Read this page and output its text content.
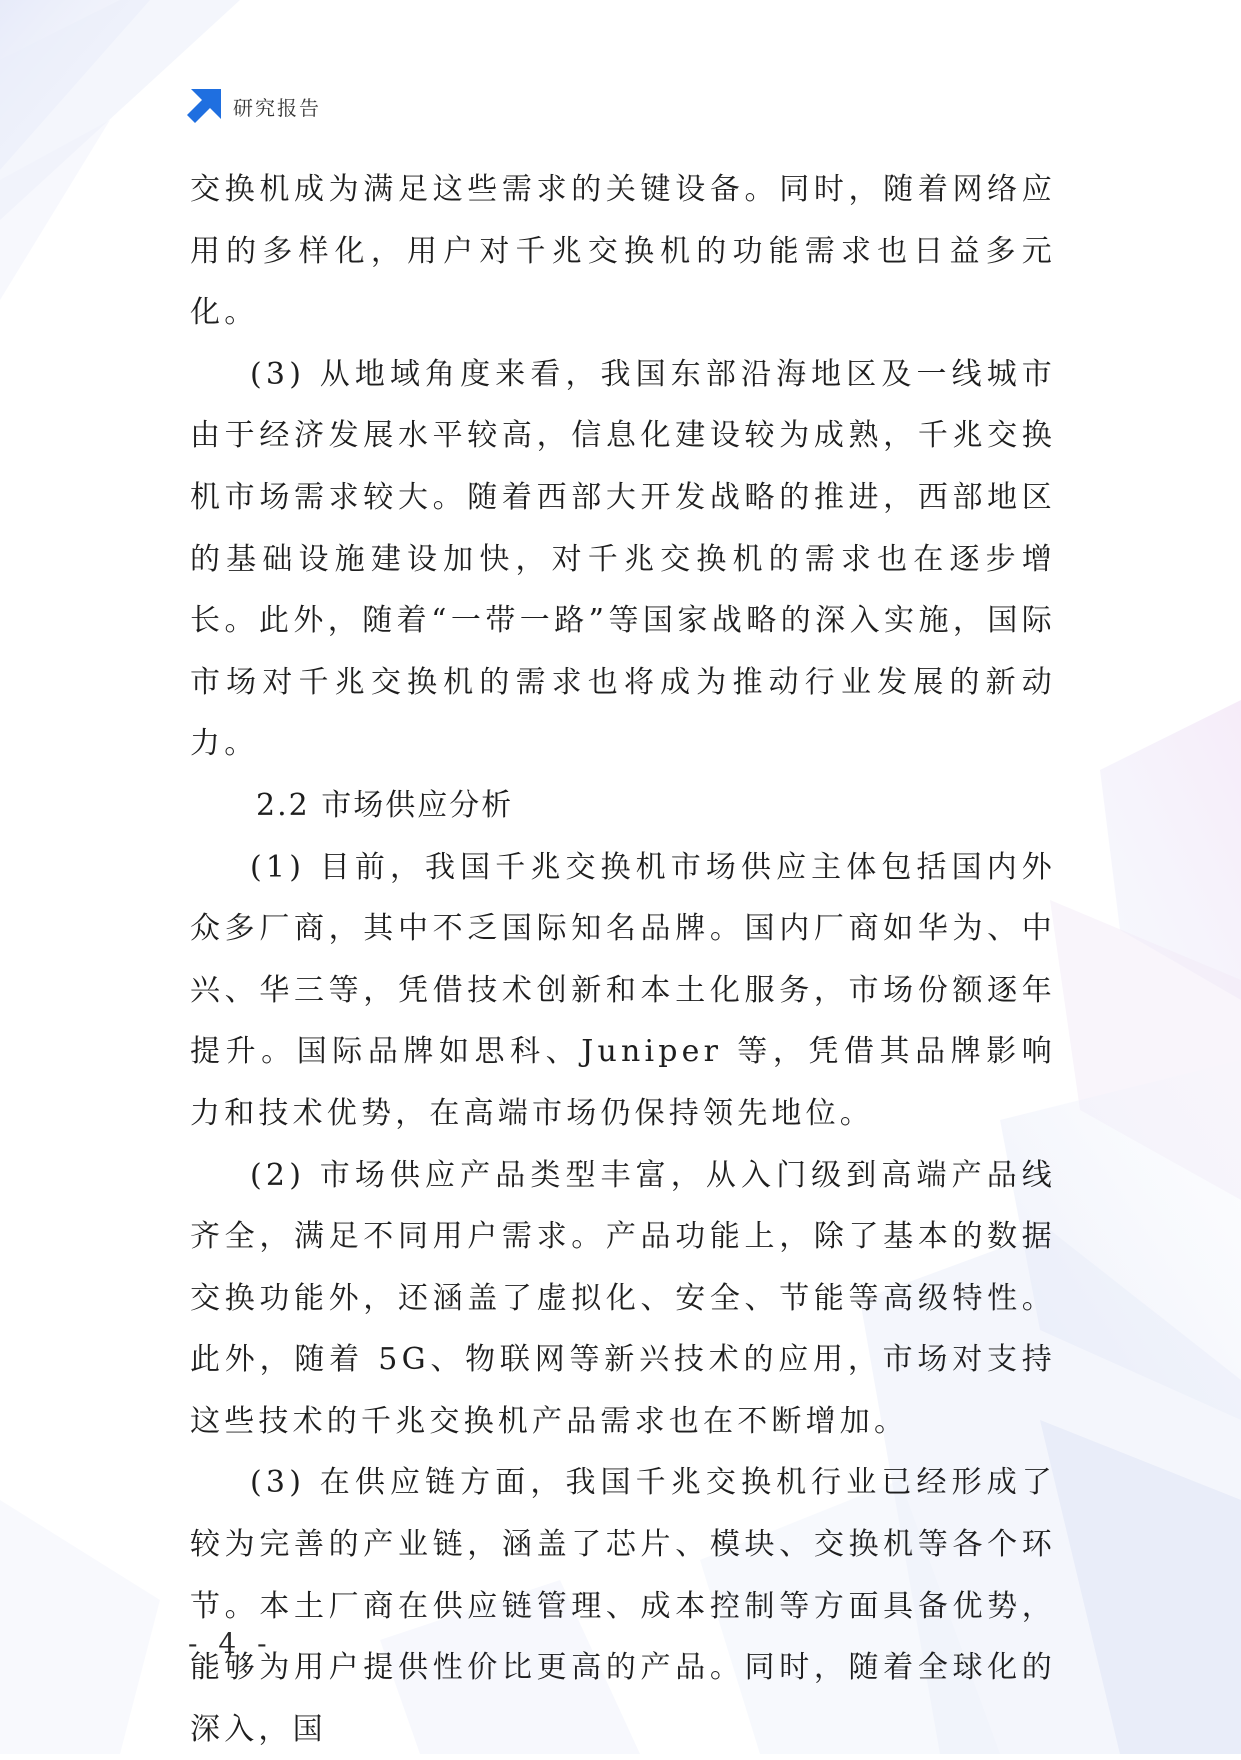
研究报告

交换机成为满足这些需求的关键设备。同时，随着网络应用的多样化，用户对千兆交换机的功能需求也日益多元化。

(3) 从地域角度来看，我国东部沿海地区及一线城市由于经济发展水平较高，信息化建设较为成熟，千兆交换机市场需求较大。随着西部大开发战略的推进，西部地区的基础设施建设加快，对千兆交换机的需求也在逐步增长。此外，随着“一带一路”等国家战略的深入实施，国际市场对千兆交换机的需求也将成为推动行业发展的新动力。

2.2 市场供应分析

(1) 目前，我国千兆交换机市场供应主体包括国内外众多厂商，其中不乏国际知名品牌。国内厂商如华为、中兴、华三等，凭借技术创新和本土化服务，市场份额逐年提升。国际品牌如思科、Juniper 等，凭借其品牌影响力和技术优势，在高端市场仍保持领先地位。

(2) 市场供应产品类型丰富，从入门级到高端产品线齐全，满足不同用户需求。产品功能上，除了基本的数据交换功能外，还涵盖了虚拟化、安全、节能等高级特性。此外，随着 5G、物联网等新兴技术的应用，市场对支持这些技术的千兆交换机产品需求也在不断增加。

(3) 在供应链方面，我国千兆交换机行业已经形成了较为完善的产业链，涵盖了芯片、模块、交换机等各个环节。本土厂商在供应链管理、成本控制等方面具备优势，能够为用户提供性价比更高的产品。同时，随着全球化的深入，国

- 4 -
